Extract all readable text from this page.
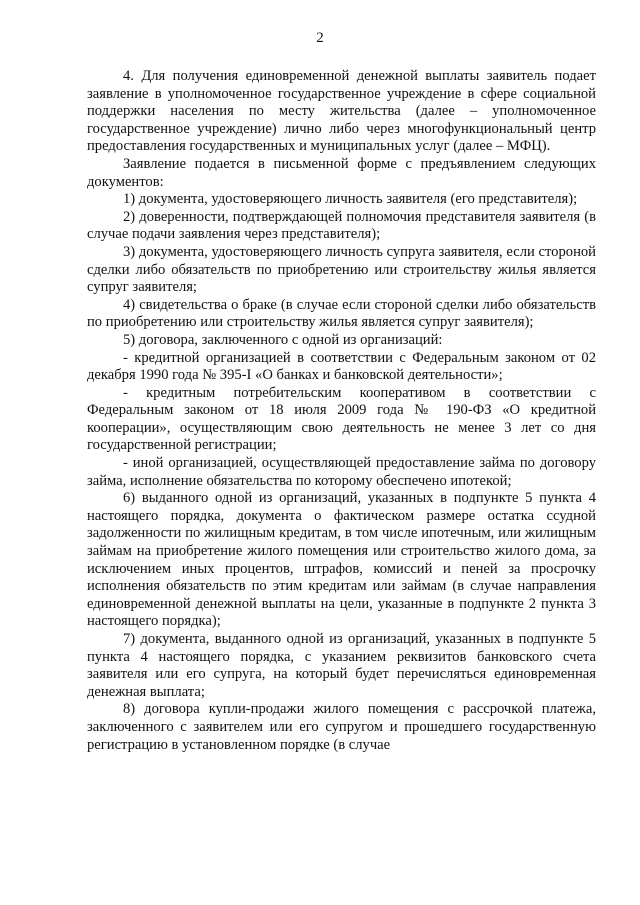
2

4. Для получения единовременной денежной выплаты заявитель подает заявление в уполномоченное государственное учреждение в сфере социальной поддержки населения по месту жительства (далее – уполномоченное государственное учреждение) лично либо через многофункциональный центр предоставления государственных и муниципальных услуг (далее – МФЦ).

Заявление подается в письменной форме с предъявлением следующих документов:

1) документа, удостоверяющего личность заявителя (его представителя);

2) доверенности, подтверждающей полномочия представителя заявителя (в случае подачи заявления через представителя);

3) документа, удостоверяющего личность супруга заявителя, если стороной сделки либо обязательств по приобретению или строительству жилья является супруг заявителя;

4) свидетельства о браке (в случае если стороной сделки либо обязательств по приобретению или строительству жилья является супруг заявителя);

5) договора, заключенного с одной из организаций:

- кредитной организацией в соответствии с Федеральным законом от 02 декабря 1990 года № 395-I «О банках и банковской деятельности»;

- кредитным потребительским кооперативом в соответствии с Федеральным законом от 18 июля 2009 года № 190-ФЗ «О кредитной кооперации», осуществляющим свою деятельность не менее 3 лет со дня государственной регистрации;

- иной организацией, осуществляющей предоставление займа по договору займа, исполнение обязательства по которому обеспечено ипотекой;

6) выданного одной из организаций, указанных в подпункте 5 пункта 4 настоящего порядка, документа о фактическом размере остатка ссудной задолженности по жилищным кредитам, в том числе ипотечным, или жилищным займам на приобретение жилого помещения или строительство жилого дома, за исключением иных процентов, штрафов, комиссий и пеней за просрочку исполнения обязательств по этим кредитам или займам (в случае направления единовременной денежной выплаты на цели, указанные в подпункте 2 пункта 3 настоящего порядка);

7) документа, выданного одной из организаций, указанных в подпункте 5 пункта 4 настоящего порядка, с указанием реквизитов банковского счета заявителя или его супруга, на который будет перечисляться единовременная денежная выплата;

8) договора купли-продажи жилого помещения с рассрочкой платежа, заключенного с заявителем или его супругом и прошедшего государственную регистрацию в установленном порядке (в случае
